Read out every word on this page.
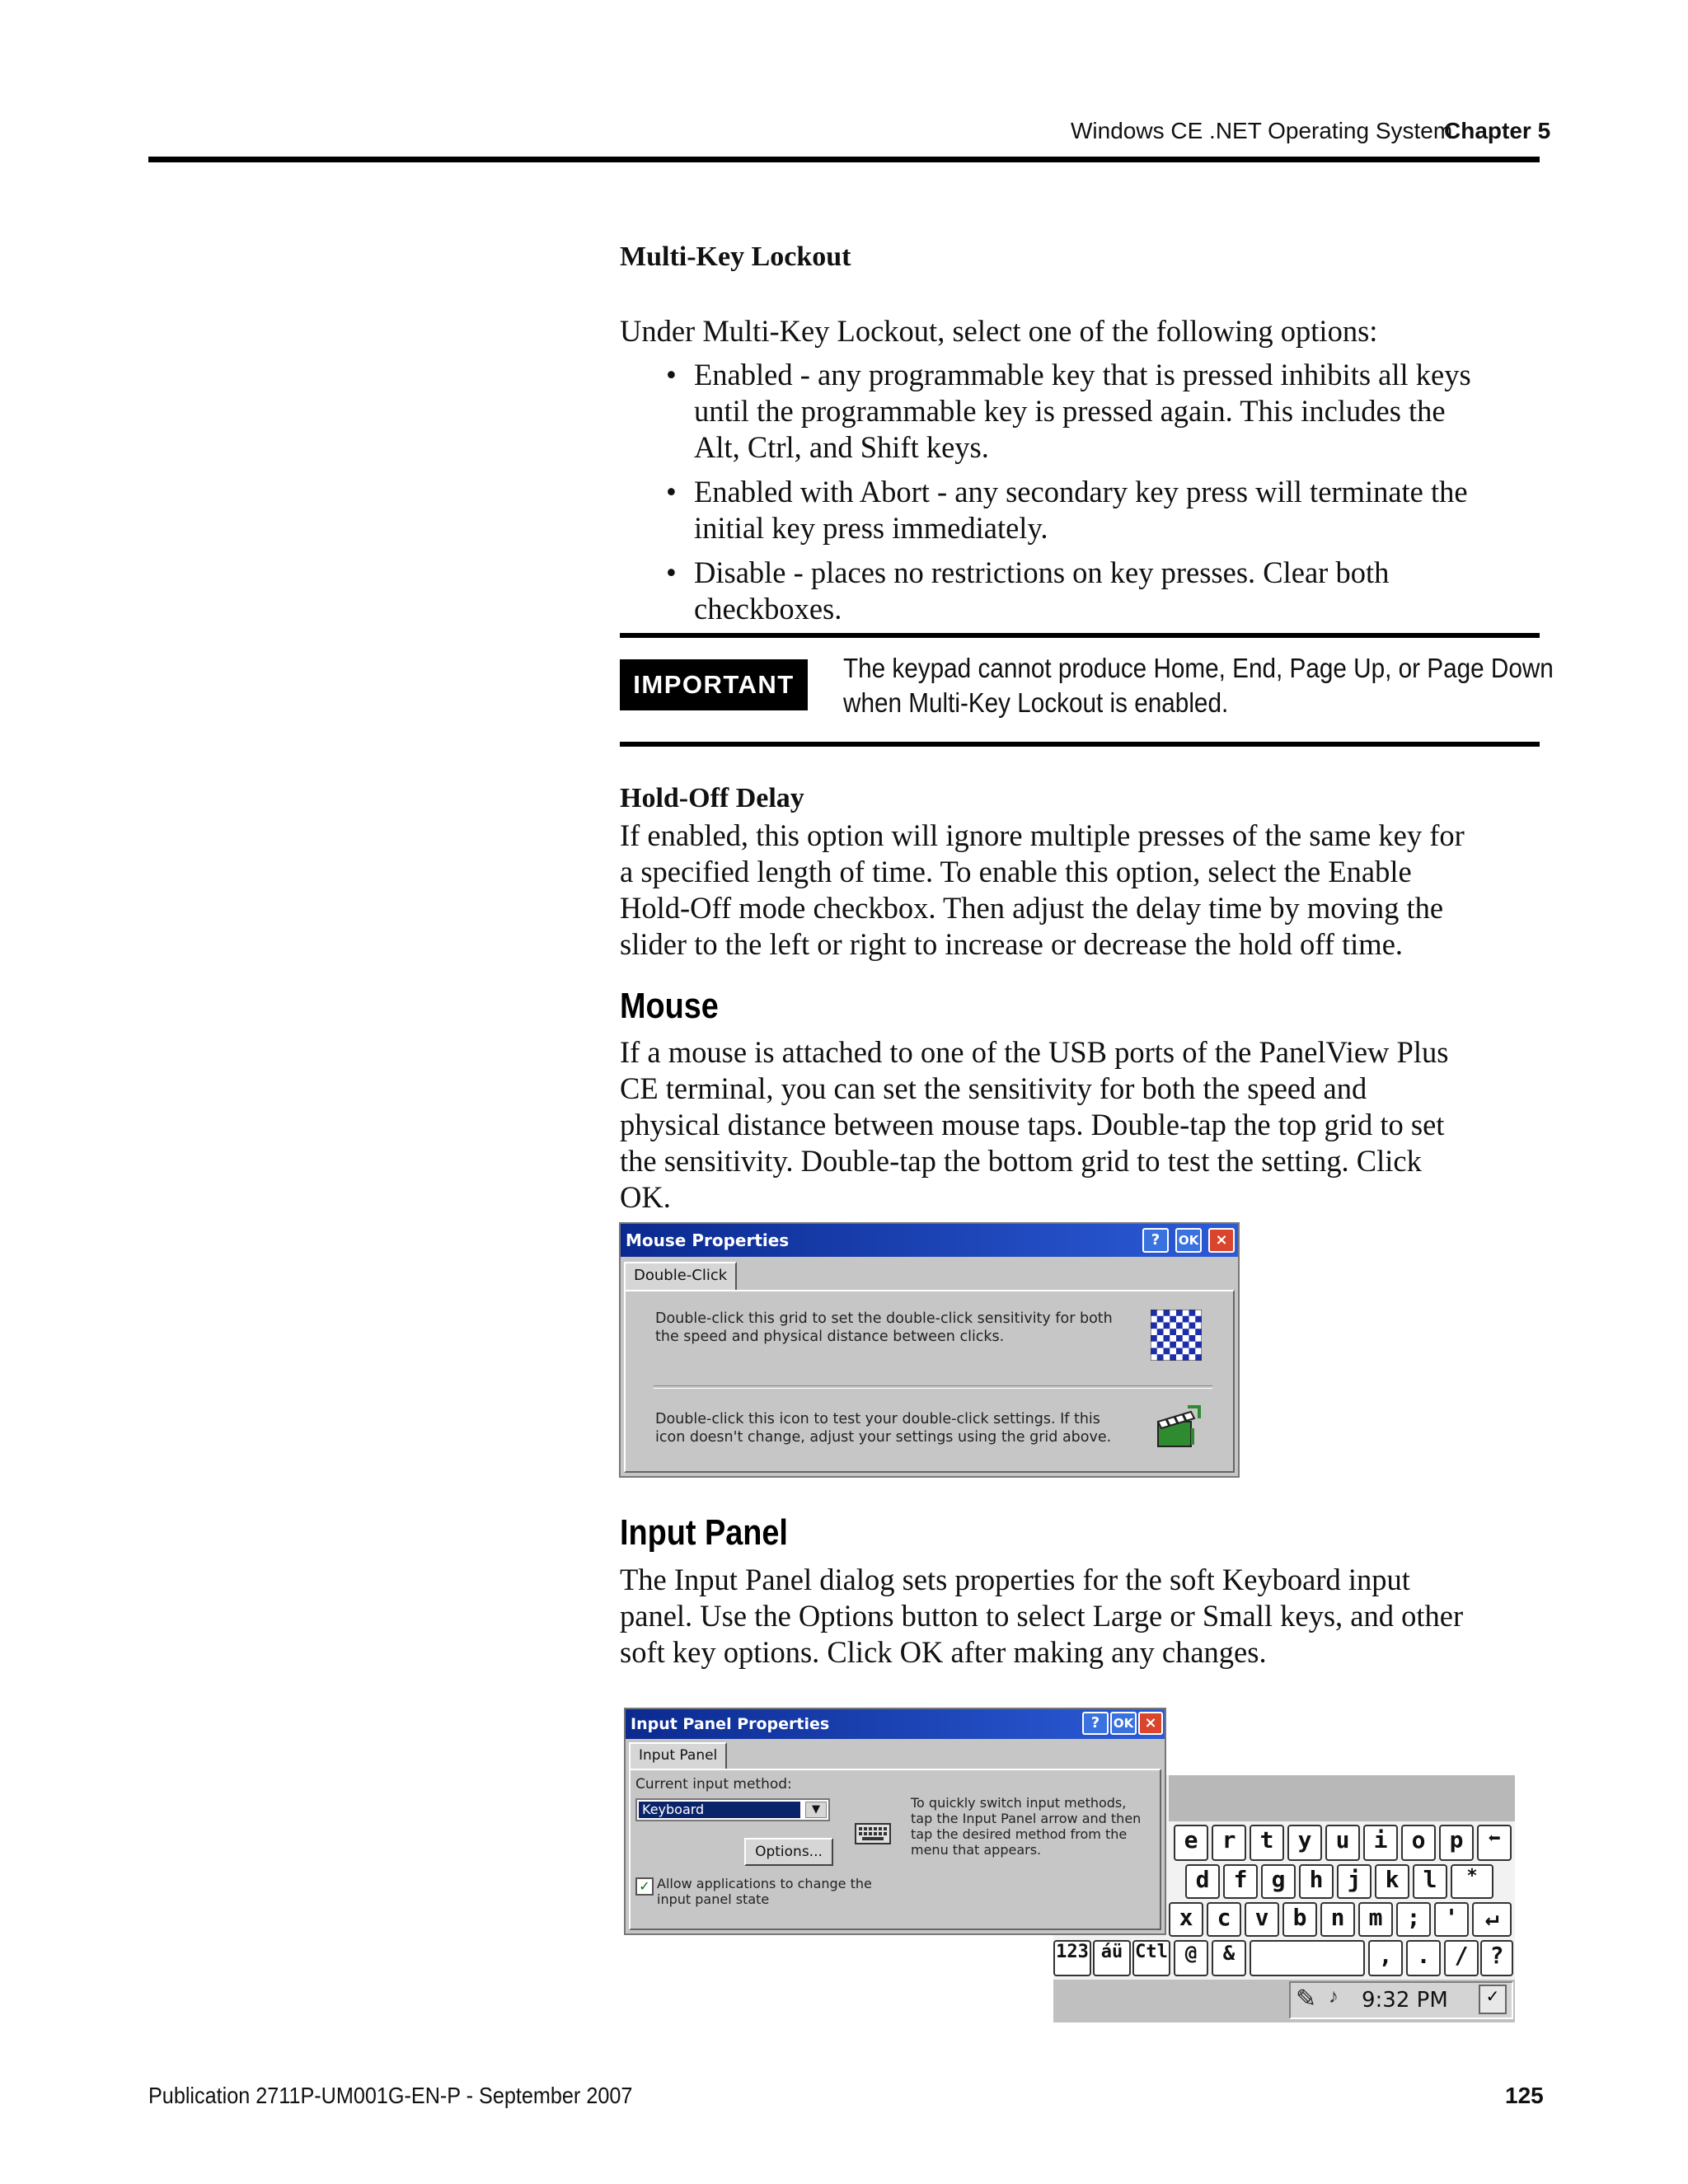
Windows CE .NET Operating System
Chapter 5
Multi-Key Lockout
Under Multi-Key Lockout, select one of the following options:
• Enabled - any programmable key that is pressed inhibits all keys
until the programmable key is pressed again. This includes the
Alt, Ctrl, and Shift keys.
• Enabled with Abort - any secondary key press will terminate the
initial key press immediately.
• Disable - places no restrictions on key presses. Clear both
checkboxes.
IMPORTANT
The keypad cannot produce Home, End, Page Up, or Page Down
when Multi-Key Lockout is enabled.
Hold-Off Delay
If enabled, this option will ignore multiple presses of the same key for
a specified length of time. To enable this option, select the Enable
Hold-Off mode checkbox. Then adjust the delay time by moving the
slider to the left or right to increase or decrease the hold off time.
Mouse
If a mouse is attached to one of the USB ports of the PanelView Plus
CE terminal, you can set the sensitivity for both the speed and
physical distance between mouse taps. Double-tap the top grid to set
the sensitivity. Double-tap the bottom grid to test the setting. Click
OK.
Mouse Properties	?	OK	×
Double-Click
Double-click this grid to set the double-click sensitivity for both
the speed and physical distance between clicks.
Double-click this icon to test your double-click settings. If this
icon doesn't change, adjust your settings using the grid above.
Input Panel
The Input Panel dialog sets properties for the soft Keyboard input
panel. Use the Options button to select Large or Small keys, and other
soft key options. Click OK after making any changes.
e	r	t	y	u	i	o	p	⬅
d	f	g	h	j	k	l	*
x	c	v	b	n	m	;	'	↵
123 áü Ctl @	&	,	.	/ ?
✎ ♪ 9:32 PM	✓
Input Panel Properties	?	OK ×
Input Panel
Current input method:
Keyboard	▼
Options...
To quickly switch input methods,
tap the Input Panel arrow and then
tap the desired method from the
menu that appears.
✓ Allow applications to change the
input panel state
Publication 2711P-UM001G-EN-P - September 2007	125
